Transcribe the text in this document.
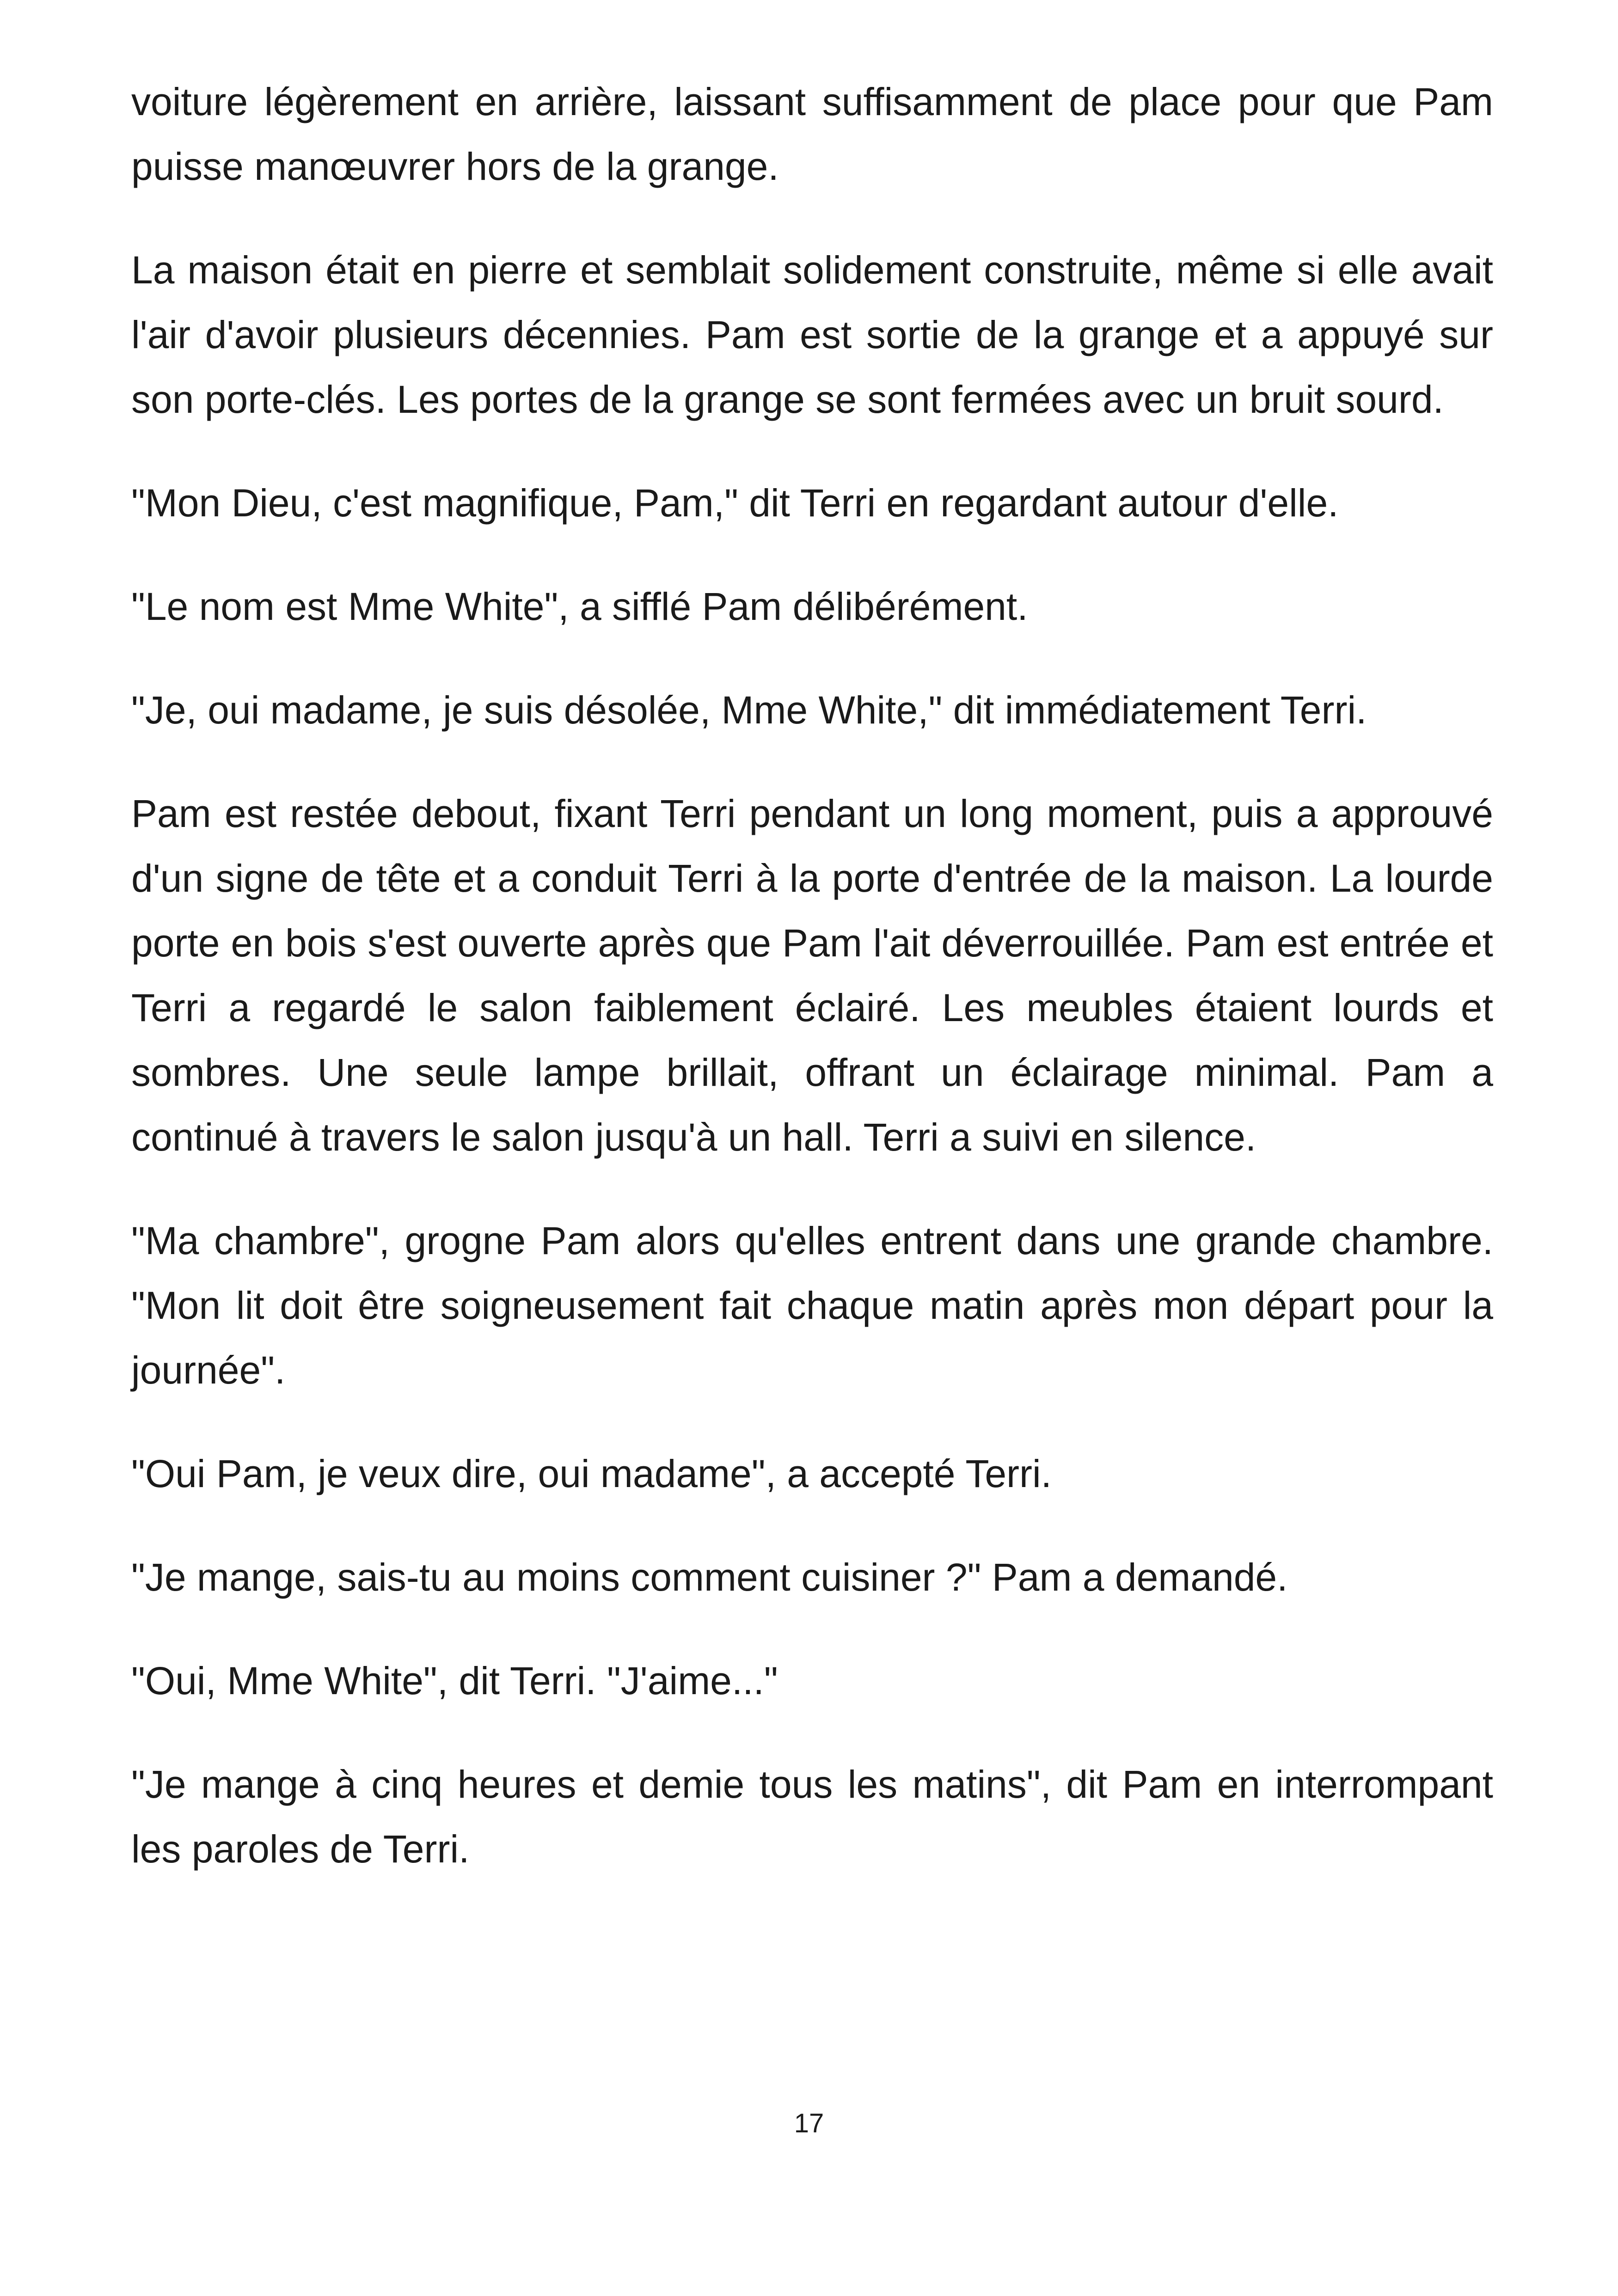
voiture légèrement en arrière, laissant suffisamment de place pour que Pam puisse manœuvrer hors de la grange.

La maison était en pierre et semblait solidement construite, même si elle avait l'air d'avoir plusieurs décennies. Pam est sortie de la grange et a appuyé sur son porte-clés. Les portes de la grange se sont fermées avec un bruit sourd.

"Mon Dieu, c'est magnifique, Pam," dit Terri en regardant autour d'elle.

"Le nom est Mme White", a sifflé Pam délibérément.

"Je, oui madame, je suis désolée, Mme White," dit immédiatement Terri.

Pam est restée debout, fixant Terri pendant un long moment, puis a approuvé d'un signe de tête et a conduit Terri à la porte d'entrée de la maison. La lourde porte en bois s'est ouverte après que Pam l'ait déverrouillée. Pam est entrée et Terri a regardé le salon faiblement éclairé. Les meubles étaient lourds et sombres. Une seule lampe brillait, offrant un éclairage minimal. Pam a continué à travers le salon jusqu'à un hall. Terri a suivi en silence.

"Ma chambre", grogne Pam alors qu'elles entrent dans une grande chambre. "Mon lit doit être soigneusement fait chaque matin après mon départ pour la journée".

"Oui Pam, je veux dire, oui madame", a accepté Terri.

"Je mange, sais-tu au moins comment cuisiner ?" Pam a demandé.

"Oui, Mme White", dit Terri. "J'aime..."

"Je mange à cinq heures et demie tous les matins", dit Pam en interrompant les paroles de Terri.

17
